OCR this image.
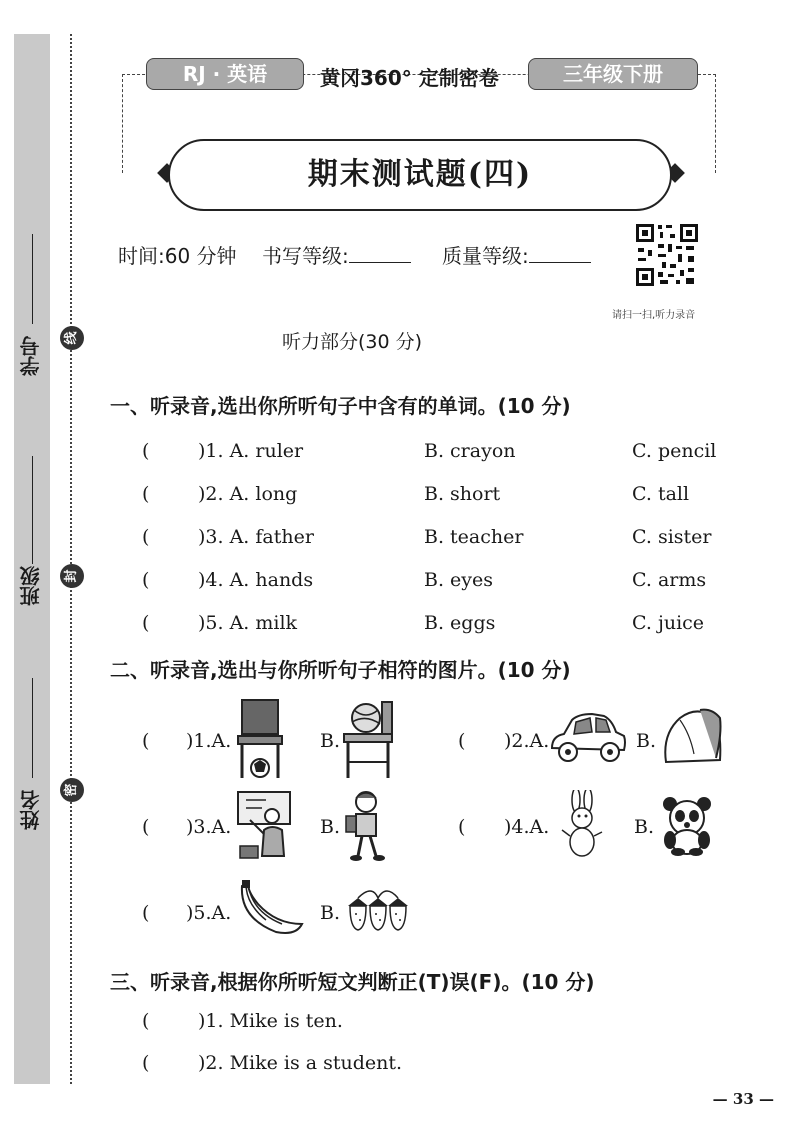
学号
班级
姓名
线
封
密
RJ · 英语	黄冈360° 定制密卷	三年级下册
期末测试题(四)
时间:60 分钟 书写等级:	质量等级:
请扫一扫,听力录音
听力部分(30 分)
一、听录音,选出你所听句子中含有的单词。(10 分)
(	)1. A. ruler	B. crayon	C. pencil
(	)2. A. long	B. short	C. tall
(	)3. A. father	B. teacher	C. sister
(	)4. A. hands	B. eyes	C. arms
(	)5. A. milk	B. eggs	C. juice
二、听录音,选出与你所听句子相符的图片。(10 分)
( )1.A.	B.	( )2.A.	B.
( )3.A.	B.	( )4.A.	B.
( )5.A.	B.
三、听录音,根据你所听短文判断正(T)误(F)。(10 分)
(	)1. Mike is ten.
(	)2. Mike is a student.
— 33 —
